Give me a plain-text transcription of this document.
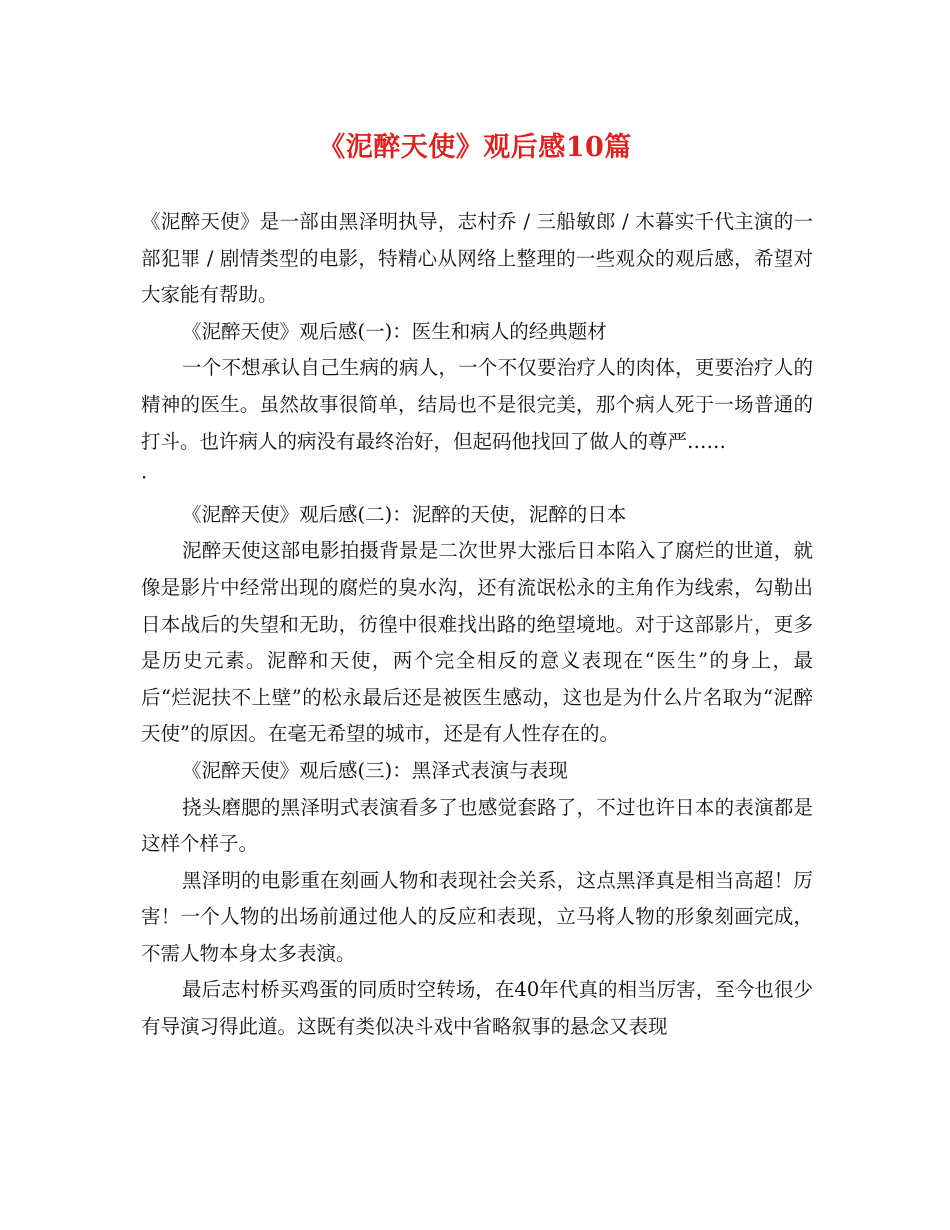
《泥醉天使》观后感10篇

《泥醉天使》是一部由黑泽明执导，志村乔 / 三船敏郎 / 木暮实千代主演的一部犯罪 / 剧情类型的电影，特精心从网络上整理的一些观众的观后感，希望对大家能有帮助。

《泥醉天使》观后感(一)：医生和病人的经典题材

一个不想承认自己生病的病人，一个不仅要治疗人的肉体，更要治疗人的精神的医生。虽然故事很简单，结局也不是很完美，那个病人死于一场普通的打斗。也许病人的病没有最终治好，但起码他找回了做人的尊严……

·

《泥醉天使》观后感(二)：泥醉的天使，泥醉的日本

泥醉天使这部电影拍摄背景是二次世界大涨后日本陷入了腐烂的世道，就像是影片中经常出现的腐烂的臭水沟，还有流氓松永的主角作为线索，勾勒出日本战后的失望和无助，彷徨中很难找出路的绝望境地。对于这部影片，更多是历史元素。泥醉和天使，两个完全相反的意义表现在“医生”的身上，最后“烂泥扶不上壁”的松永最后还是被医生感动，这也是为什么片名取为“泥醉天使”的原因。在毫无希望的城市，还是有人性存在的。

《泥醉天使》观后感(三)：黑泽式表演与表现

挠头磨腮的黑泽明式表演看多了也感觉套路了，不过也许日本的表演都是这样个样子。

黑泽明的电影重在刻画人物和表现社会关系，这点黑泽真是相当高超！厉害！一个人物的出场前通过他人的反应和表现，立马将人物的形象刻画完成，不需人物本身太多表演。

最后志村桥买鸡蛋的同质时空转场，在40年代真的相当厉害，至今也很少有导演习得此道。这既有类似决斗戏中省略叙事的悬念又表现
